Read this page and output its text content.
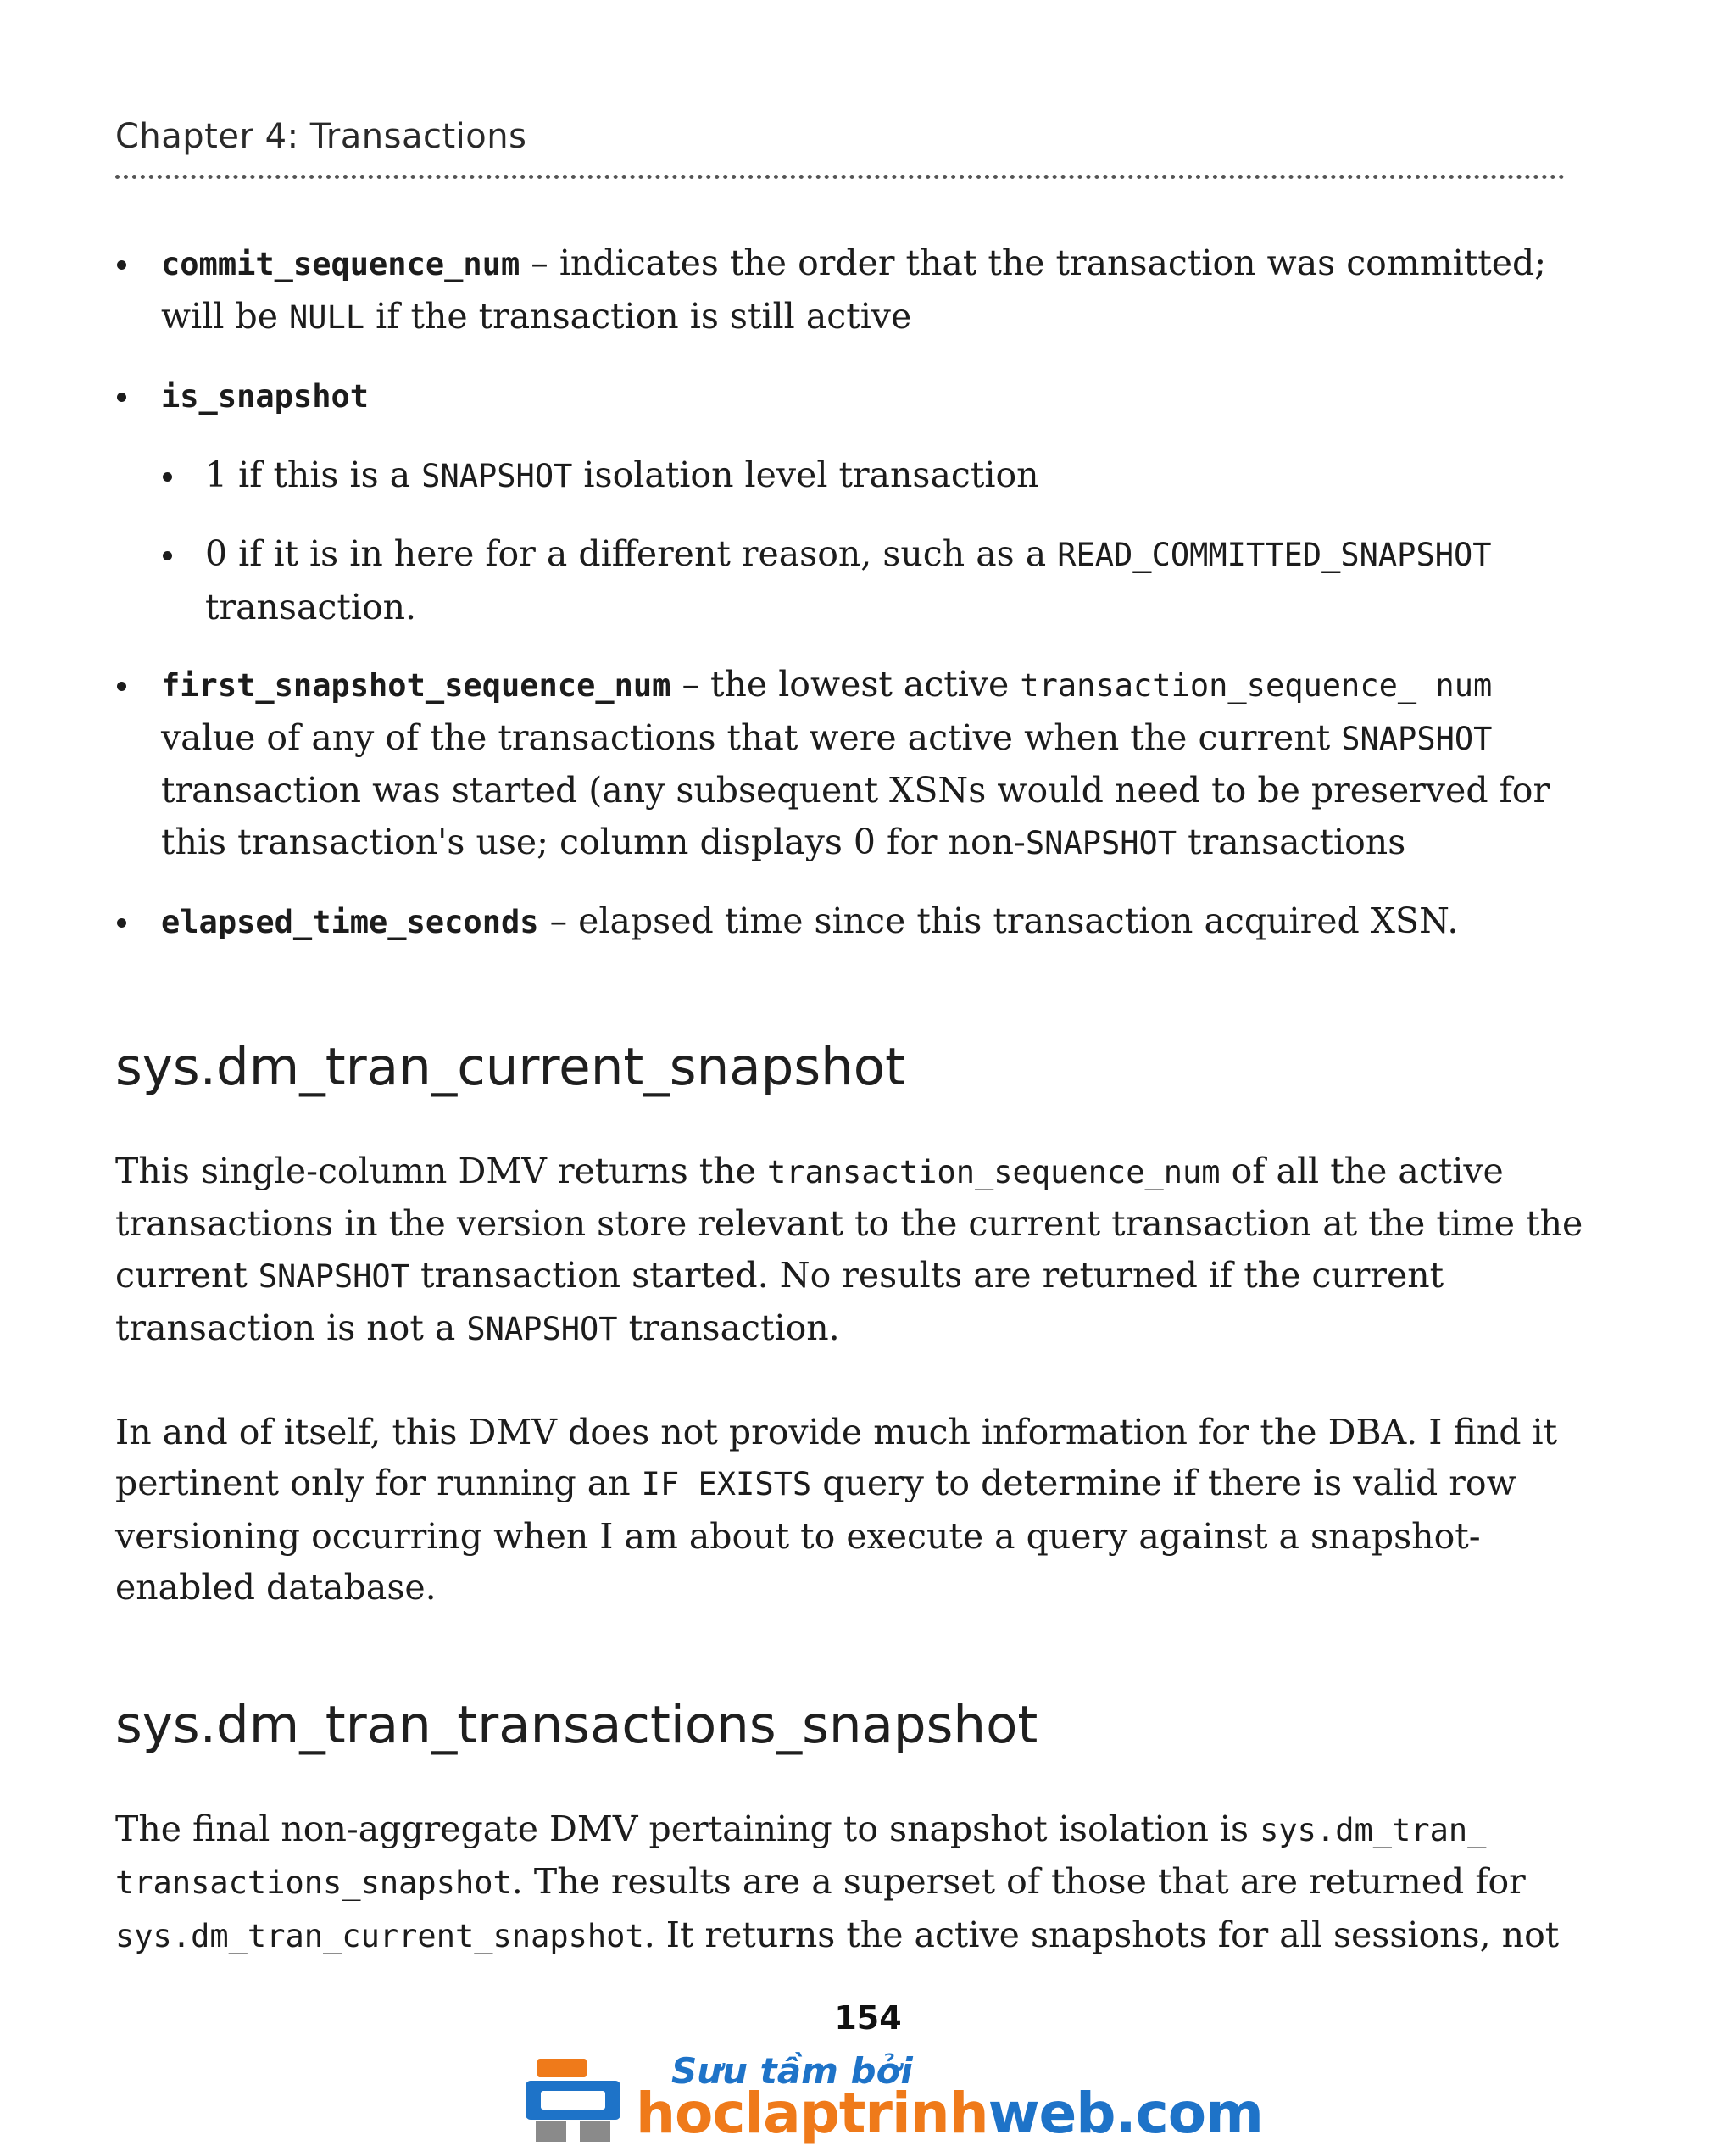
Chapter 4: Transactions
commit_sequence_num – indicates the order that the transaction was committed; will be NULL if the transaction is still active
is_snapshot
1 if this is a SNAPSHOT isolation level transaction
0 if it is in here for a different reason, such as a READ_COMMITTED_SNAPSHOT transaction.
first_snapshot_sequence_num – the lowest active transaction_sequence_ num value of any of the transactions that were active when the current SNAPSHOT transaction was started (any subsequent XSNs would need to be preserved for this transaction's use; column displays 0 for non-SNAPSHOT transactions
elapsed_time_seconds – elapsed time since this transaction acquired XSN.
sys.dm_tran_current_snapshot

This single-column DMV returns the transaction_sequence_num of all the active transactions in the version store relevant to the current transaction at the time the current SNAPSHOT transaction started. No results are returned if the current transaction is not a SNAPSHOT transaction.

In and of itself, this DMV does not provide much information for the DBA. I find it pertinent only for running an IF EXISTS query to determine if there is valid row versioning occurring when I am about to execute a query against a snapshot-enabled database.

sys.dm_tran_transactions_snapshot

The final non-aggregate DMV pertaining to snapshot isolation is sys.dm_tran_ transactions_snapshot. The results are a superset of those that are returned for sys.dm_tran_current_snapshot. It returns the active snapshots for all sessions, not

154
Sưu tầm bởi
hoclaptrinhweb.com
